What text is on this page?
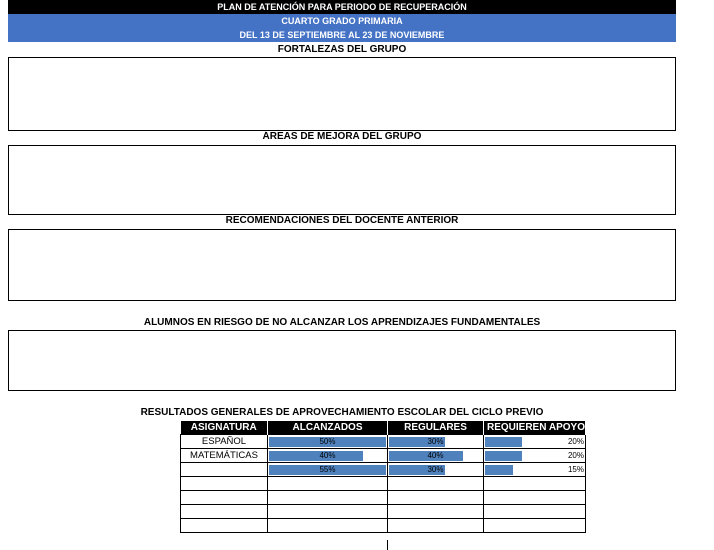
PLAN DE ATENCIÓN PARA PERIODO DE RECUPERACIÓN
CUARTO GRADO PRIMARIA
DEL 13 DE SEPTIEMBRE AL 23 DE NOVIEMBRE
FORTALEZAS DEL GRUPO
ÁREAS DE MEJORA DEL GRUPO
RECOMENDACIONES DEL DOCENTE ANTERIOR
ALUMNOS EN RIESGO DE NO ALCANZAR LOS APRENDIZAJES FUNDAMENTALES
RESULTADOS GENERALES DE APROVECHAMIENTO ESCOLAR DEL CICLO PREVIO
ASIGNATURA	ALCANZADOS	REGULARES	REQUIEREN APOYO
ESPAÑOL	50%	30%	20%

MATEMÁTICAS	40%	40%	20%

	55%	30%	15%
